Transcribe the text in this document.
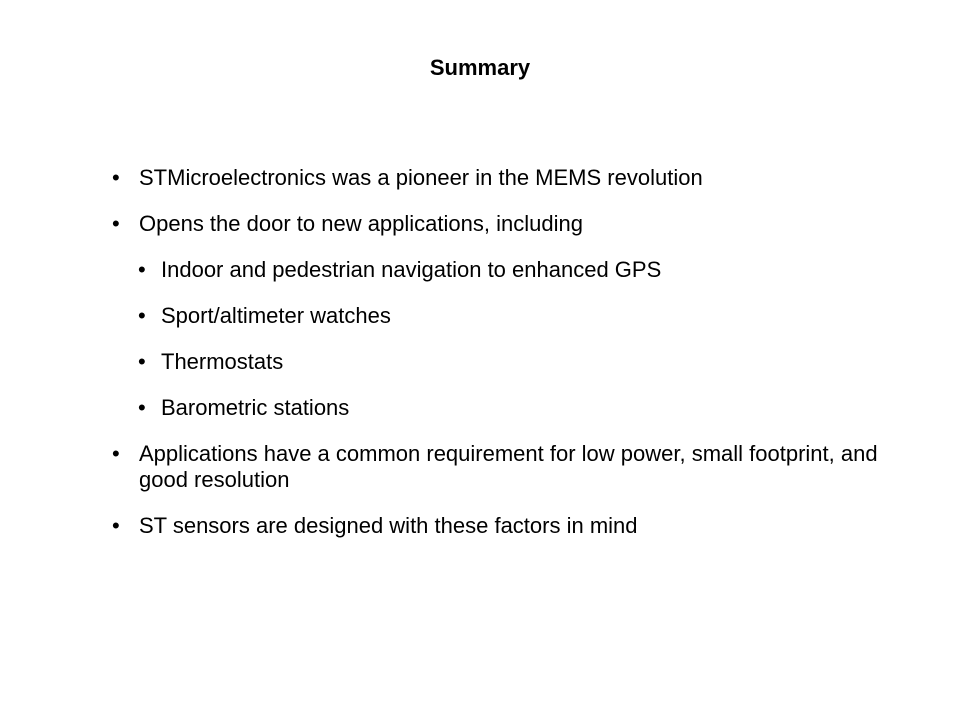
Summary
• STMicroelectronics was a pioneer in the MEMS revolution
• Opens the door to new applications, including
• Indoor and pedestrian navigation to enhanced GPS
• Sport/altimeter watches
• Thermostats
• Barometric stations
• Applications have a common requirement for low power, small footprint, and good resolution
• ST sensors are designed with these factors in mind
